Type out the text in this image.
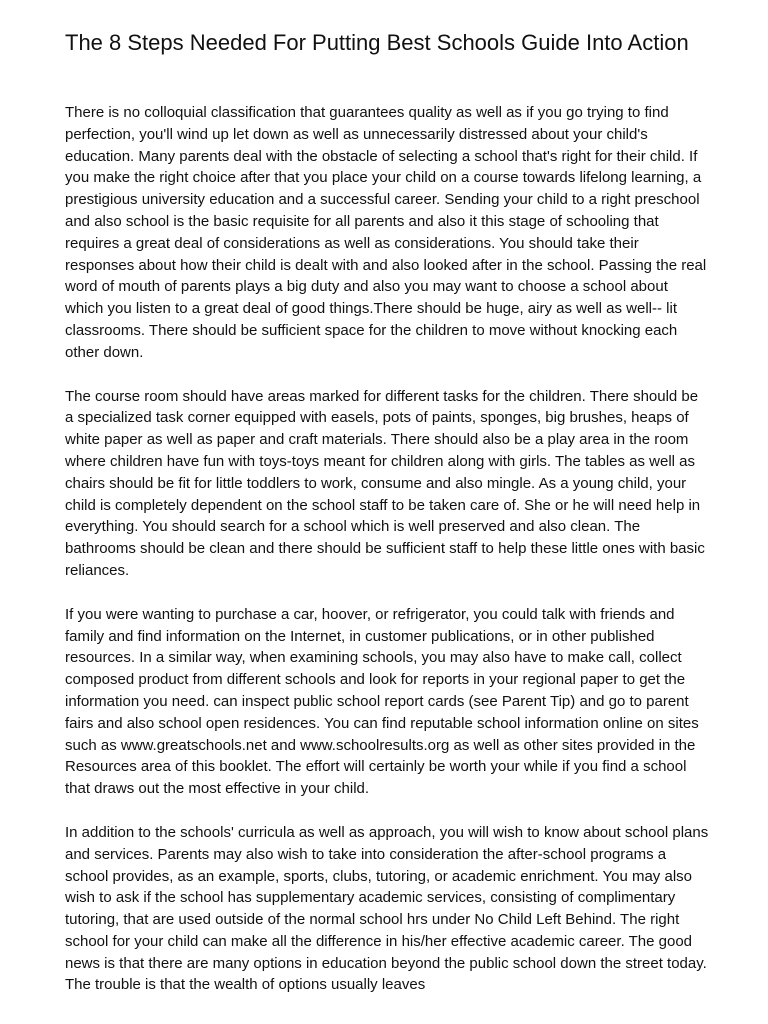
The 8 Steps Needed For Putting Best Schools Guide Into Action

There is no colloquial classification that guarantees quality as well as if you go trying to find perfection, you'll wind up let down as well as unnecessarily distressed about your child's education. Many parents deal with the obstacle of selecting a school that's right for their child. If you make the right choice after that you place your child on a course towards lifelong learning, a prestigious university education and a successful career. Sending your child to a right preschool and also school is the basic requisite for all parents and also it this stage of schooling that requires a great deal of considerations as well as considerations. You should take their responses about how their child is dealt with and also looked after in the school. Passing the real word of mouth of parents plays a big duty and also you may want to choose a school about which you listen to a great deal of good things.There should be huge, airy as well as well-- lit classrooms. There should be sufficient space for the children to move without knocking each other down.

The course room should have areas marked for different tasks for the children. There should be a specialized task corner equipped with easels, pots of paints, sponges, big brushes, heaps of white paper as well as paper and craft materials. There should also be a play area in the room where children have fun with toys-toys meant for children along with girls. The tables as well as chairs should be fit for little toddlers to work, consume and also mingle. As a young child, your child is completely dependent on the school staff to be taken care of. She or he will need help in everything. You should search for a school which is well preserved and also clean. The bathrooms should be clean and there should be sufficient staff to help these little ones with basic reliances.

If you were wanting to purchase a car, hoover, or refrigerator, you could talk with friends and family and find information on the Internet, in customer publications, or in other published resources. In a similar way, when examining schools, you may also have to make call, collect composed product from different schools and look for reports in your regional paper to get the information you need. can inspect public school report cards (see Parent Tip) and go to parent fairs and also school open residences. You can find reputable school information online on sites such as www.greatschools.net and www.schoolresults.org as well as other sites provided in the Resources area of this booklet. The effort will certainly be worth your while if you find a school that draws out the most effective in your child.

In addition to the schools' curricula as well as approach, you will wish to know about school plans and services. Parents may also wish to take into consideration the after-school programs a school provides, as an example, sports, clubs, tutoring, or academic enrichment. You may also wish to ask if the school has supplementary academic services, consisting of complimentary tutoring, that are used outside of the normal school hrs under No Child Left Behind. The right school for your child can make all the difference in his/her effective academic career. The good news is that there are many options in education beyond the public school down the street today. The trouble is that the wealth of options usually leaves
